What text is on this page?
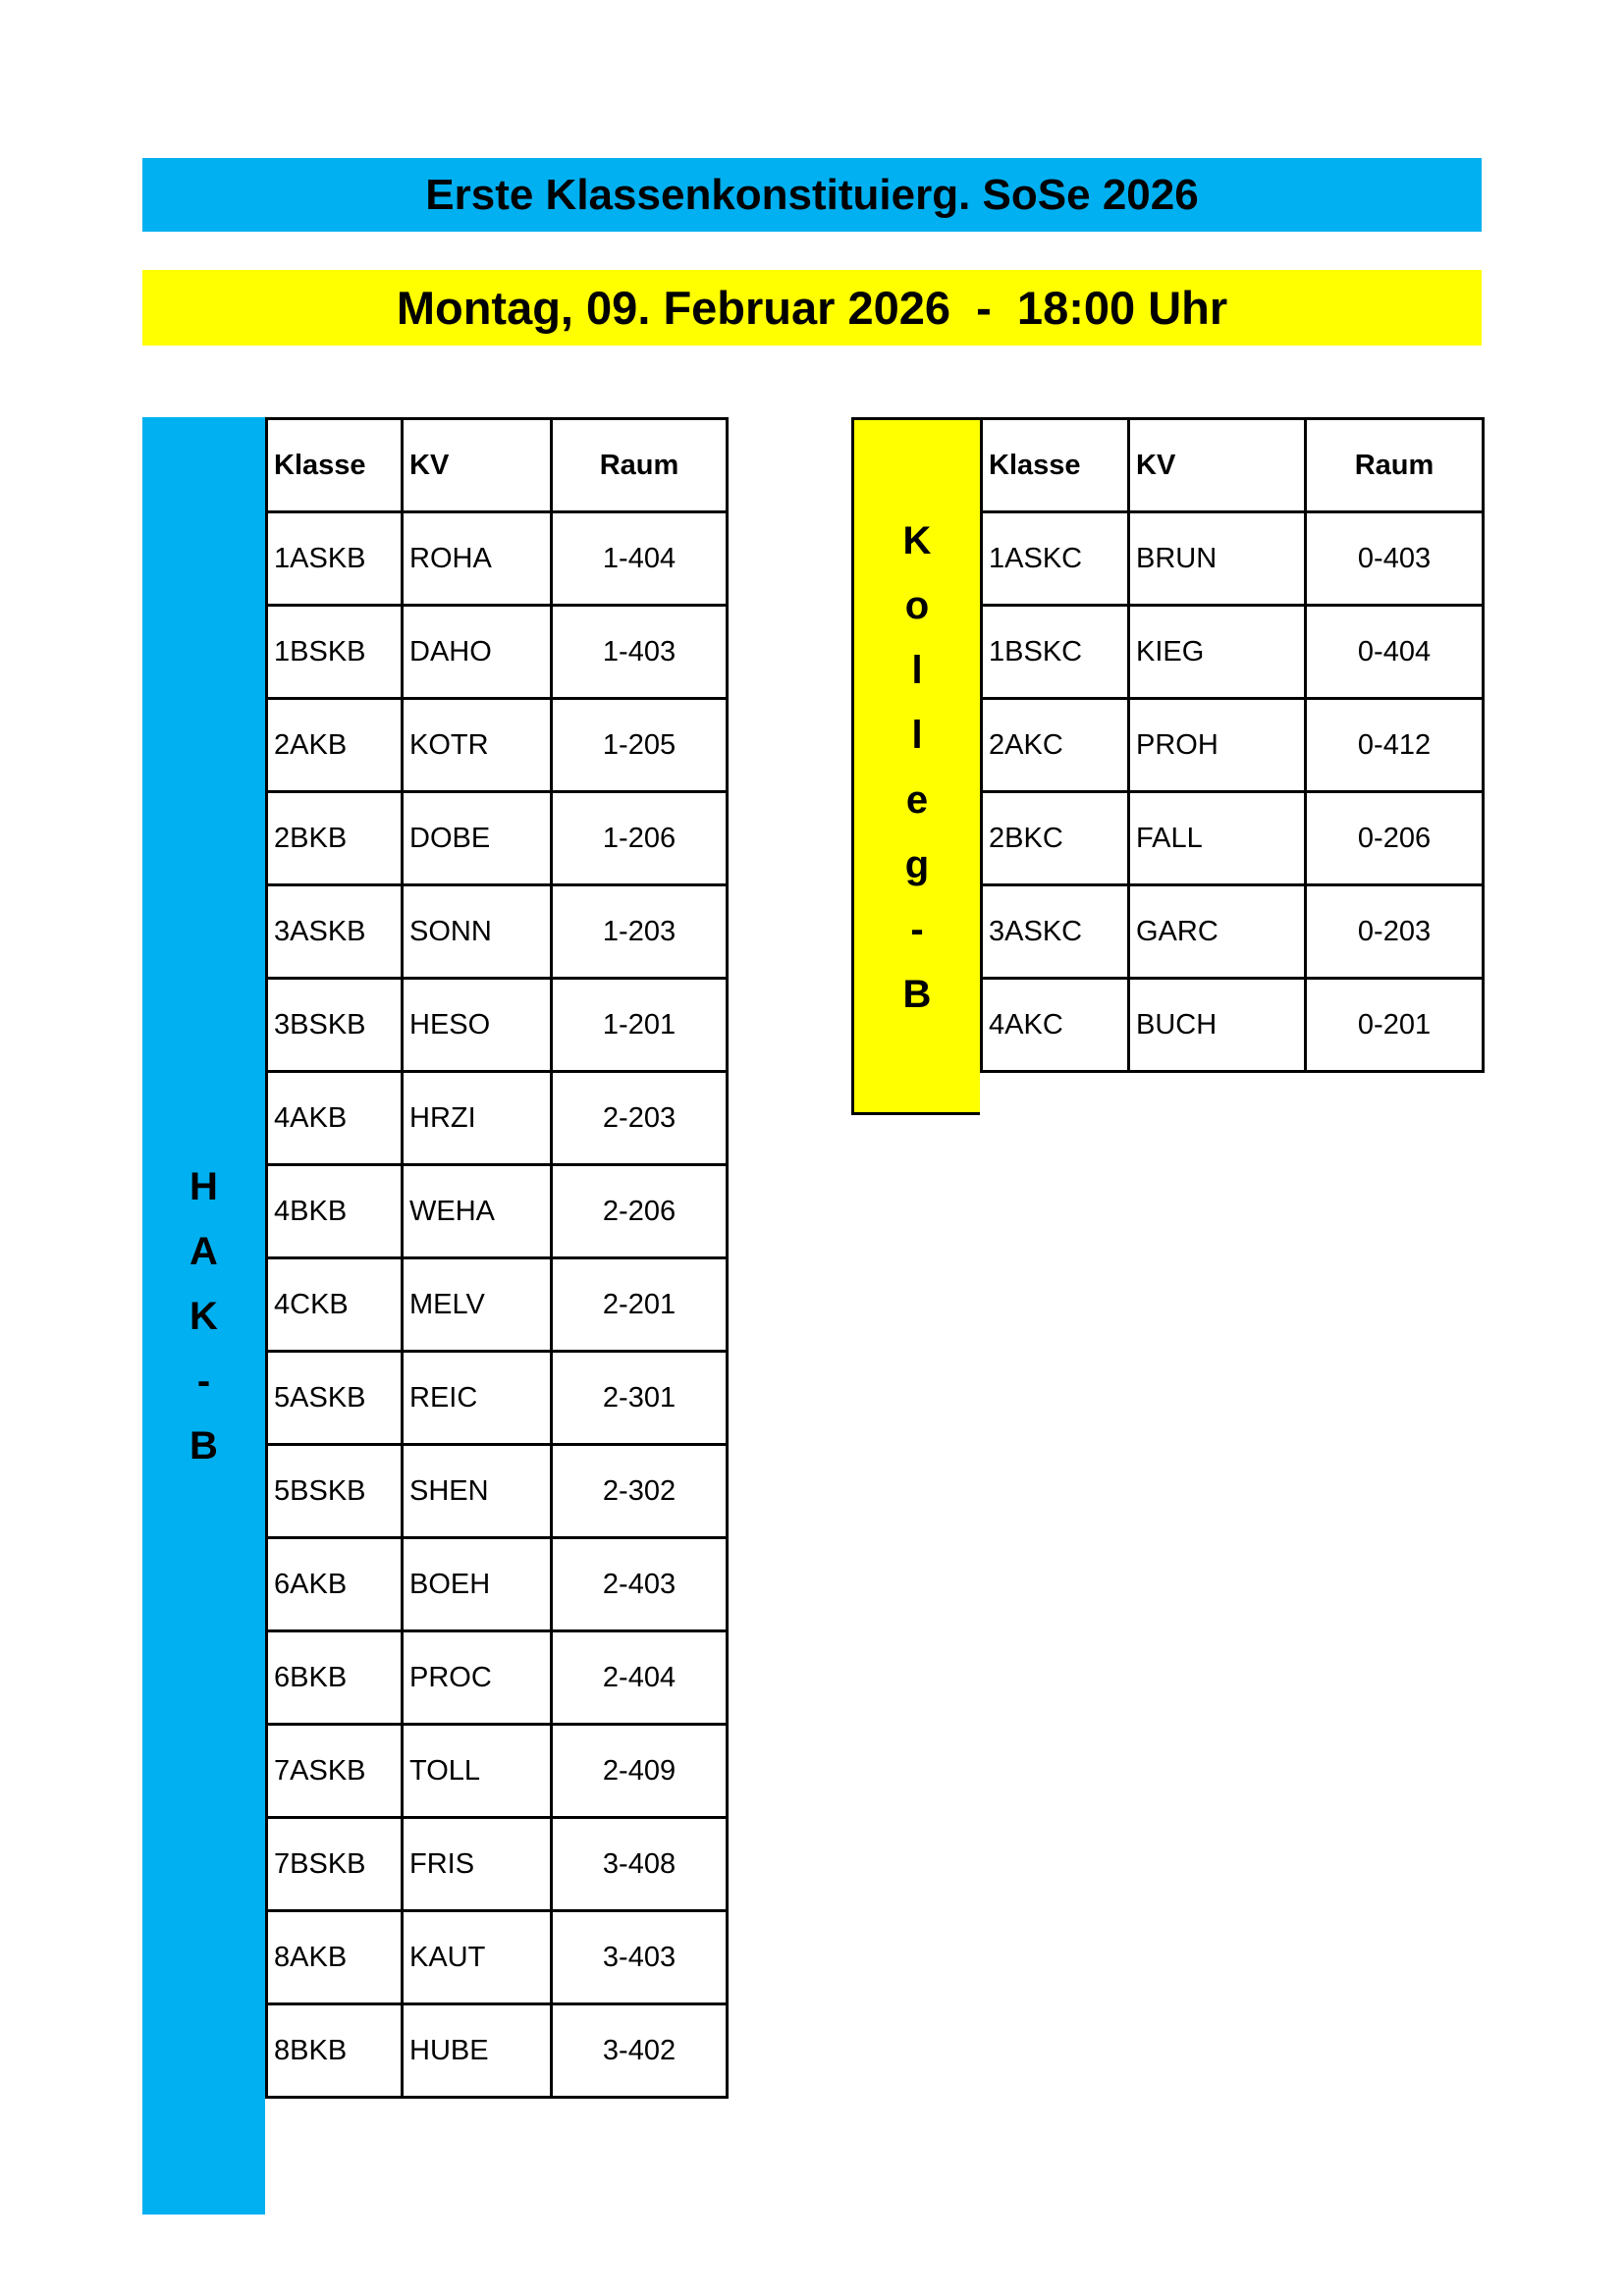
Erste Klassenkonstituierg. SoSe 2026
Montag, 09. Februar 2026  -  18:00 Uhr
H
A
K
-
B
Klasse	KV	Raum
1ASKB	ROHA	1-404
1BSKB	DAHO	1-403
2AKB	KOTR	1-205
2BKB	DOBE	1-206
3ASKB	SONN	1-203
3BSKB	HESO	1-201
4AKB	HRZI	2-203
4BKB	WEHA	2-206
4CKB	MELV	2-201
5ASKB	REIC	2-301
5BSKB	SHEN	2-302
6AKB	BOEH	2-403
6BKB	PROC	2-404
7ASKB	TOLL	2-409
7BSKB	FRIS	3-408
8AKB	KAUT	3-403
8BKB	HUBE	3-402
K
o
l
l
e
g
-
B
Klasse	KV	Raum
1ASKC	BRUN	0-403
1BSKC	KIEG	0-404
2AKC	PROH	0-412
2BKC	FALL	0-206
3ASKC	GARC	0-203
4AKC	BUCH	0-201
